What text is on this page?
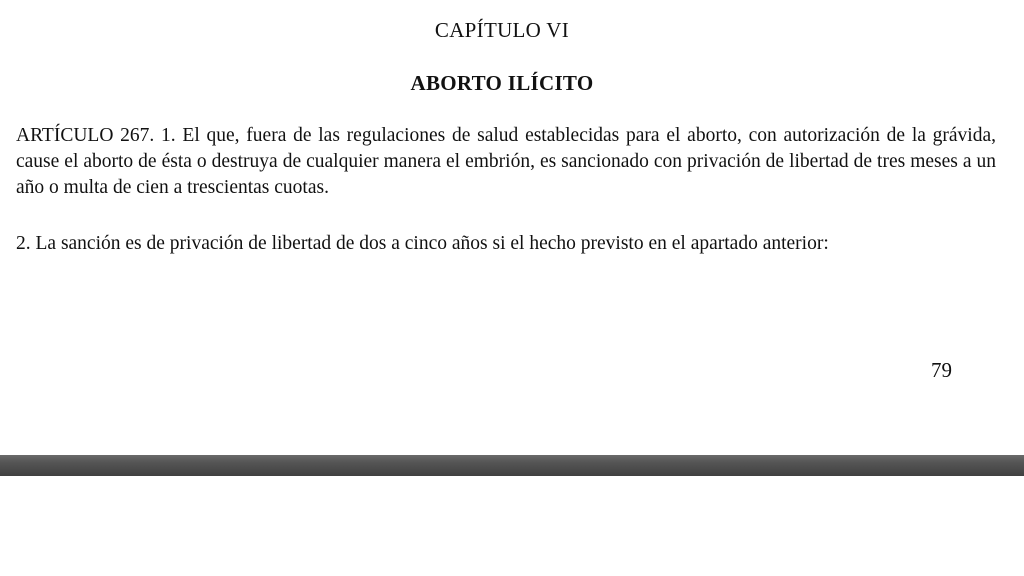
CAPÍTULO VI
ABORTO ILÍCITO

ARTÍCULO 267. 1. El que, fuera de las regulaciones de salud establecidas para el aborto, con autorización de la grávida, cause el aborto de ésta o destruya de cualquier manera el embrión, es sancionado con privación de libertad de tres meses a un año o multa de cien a trescientas cuotas.

2. La sanción es de privación de libertad de dos a cinco años si el hecho previsto en el apartado anterior:

79
